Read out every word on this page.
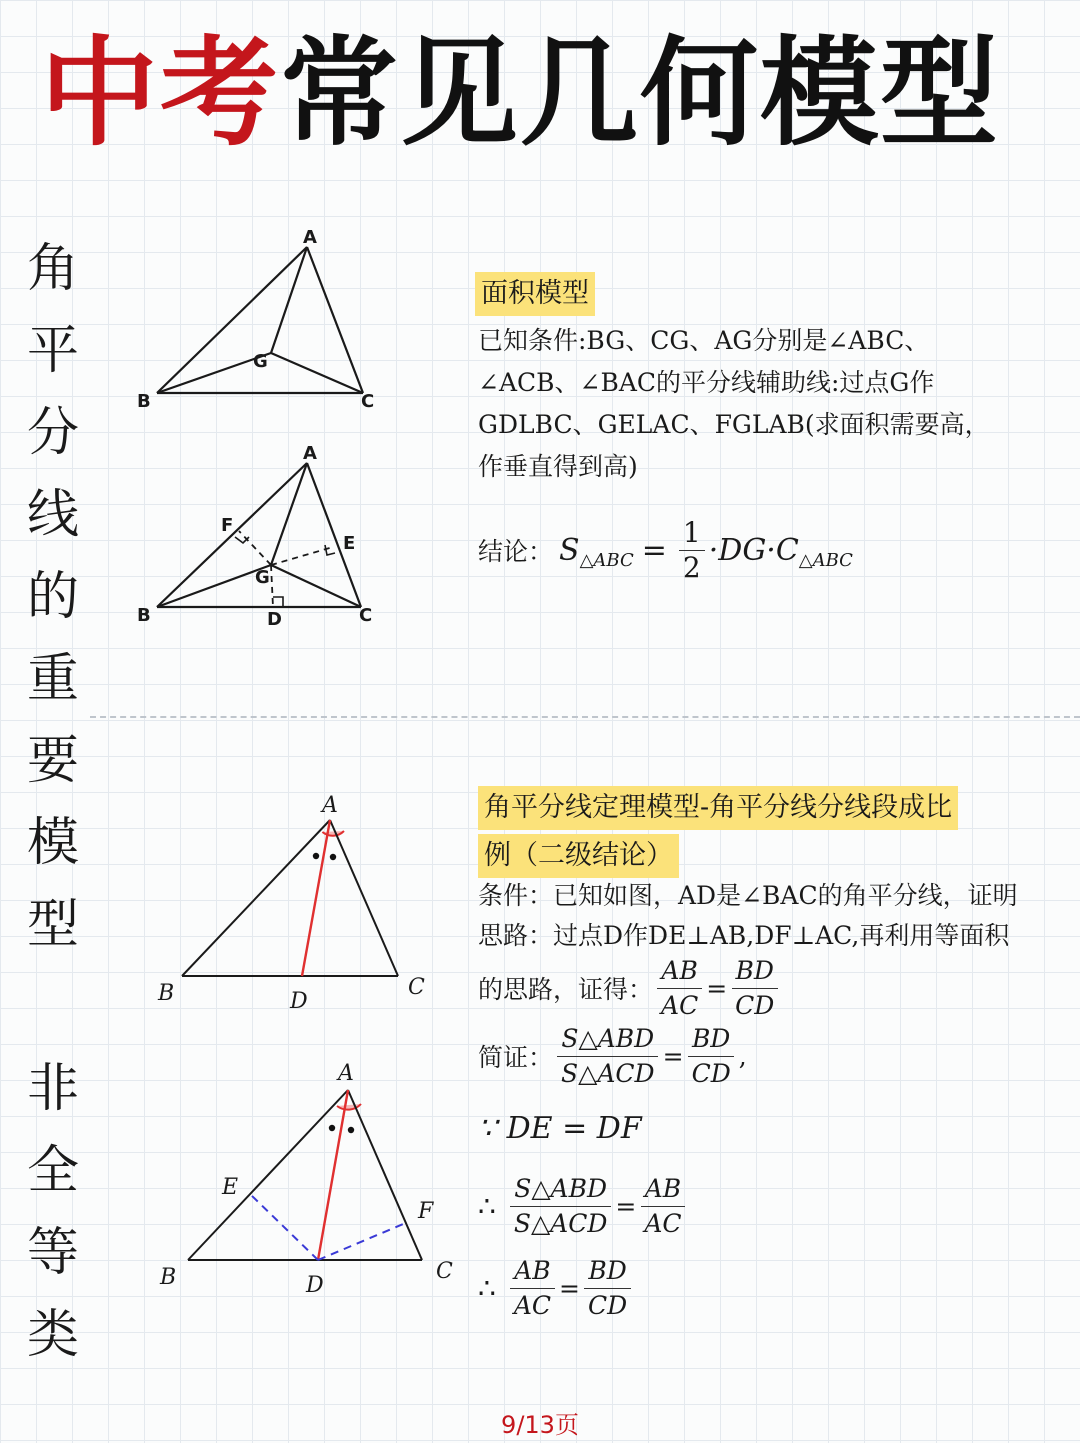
中考常见几何模型
角
平
分
线
的
重
要
模
型
非
全
等
类
A
B	C
G
A
B	C
D
F
E
G
面积模型
已知条件:BG、CG、AG分别是∠ABC、
∠ACB、∠BAC的平分线辅助线:过点G作
GDLBC、GELAC、FGLAB(求面积需要高，
作垂直得到高)
结论： S △ABC = $\frac{1}{2} \cdot DG\cdot C$ △ABC
A
B	C
D
A
B	C
D
E
F
角平分线定理模型-角平分线分线段成比
例（二级结论）
条件：已知如图，AD是∠BAC的角平分线，证明
思路：过点D作DE⊥AB,DF⊥AC,再利用等面积
的思路，证得： $\frac{AB}{AC} = \frac{BD}{CD}$
简证： $\frac{\text{S△ABD}}{\text{S△ACD}} = \frac{BD}{CD}$ ,
∵ DE = DF
∴ $\frac{\text{S△ABD}}{\text{S△ACD}} = \frac{AB}{AC}$
∴ $\frac{AB}{AC} = \frac{BD}{CD}$
9/13页
